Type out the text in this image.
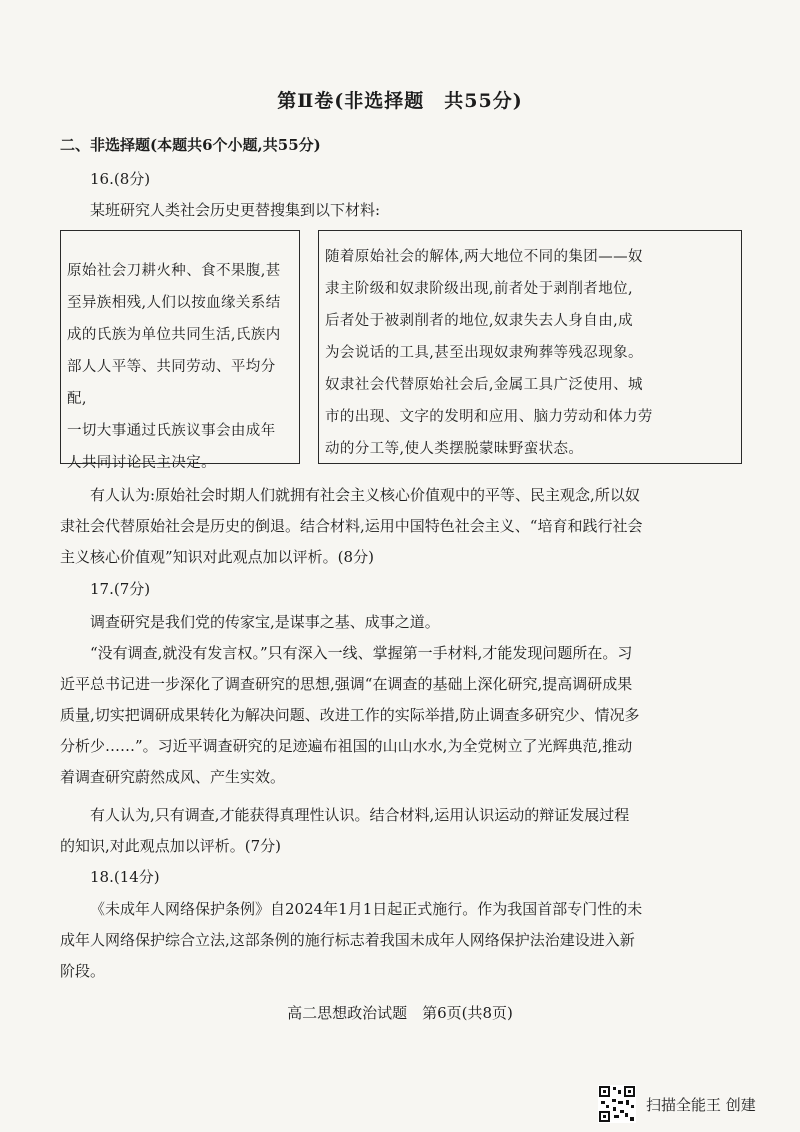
第Ⅱ卷(非选择题　共55分)
二、非选择题(本题共6个小题,共55分)
16.(8分)
某班研究人类社会历史更替搜集到以下材料:
原始社会刀耕火种、食不果腹,甚
至异族相残,人们以按血缘关系结
成的氏族为单位共同生活,氏族内
部人人平等、共同劳动、平均分配,
一切大事通过氏族议事会由成年
人共同讨论民主决定。
随着原始社会的解体,两大地位不同的集团——奴
隶主阶级和奴隶阶级出现,前者处于剥削者地位,
后者处于被剥削者的地位,奴隶失去人身自由,成
为会说话的工具,甚至出现奴隶殉葬等残忍现象。
奴隶社会代替原始社会后,金属工具广泛使用、城
市的出现、文字的发明和应用、脑力劳动和体力劳
动的分工等,使人类摆脱蒙昧野蛮状态。

有人认为:原始社会时期人们就拥有社会主义核心价值观中的平等、民主观念,所以奴

隶社会代替原始社会是历史的倒退。结合材料,运用中国特色社会主义、“培育和践行社会

主义核心价值观”知识对此观点加以评析。(8分)

17.(7分)
调查研究是我们党的传家宝,是谋事之基、成事之道。

“没有调查,就没有发言权。”只有深入一线、掌握第一手材料,才能发现问题所在。习

近平总书记进一步深化了调查研究的思想,强调“在调查的基础上深化研究,提高调研成果

质量,切实把调研成果转化为解决问题、改进工作的实际举措,防止调查多研究少、情况多

分析少……”。习近平调查研究的足迹遍布祖国的山山水水,为全党树立了光辉典范,推动

着调查研究蔚然成风、产生实效。

有人认为,只有调查,才能获得真理性认识。结合材料,运用认识运动的辩证发展过程

的知识,对此观点加以评析。(7分)

18.(14分)

《未成年人网络保护条例》自2024年1月1日起正式施行。作为我国首部专门性的未

成年人网络保护综合立法,这部条例的施行标志着我国未成年人网络保护法治建设进入新

阶段。

高二思想政治试题　第6页(共8页)
扫描全能王 创建
